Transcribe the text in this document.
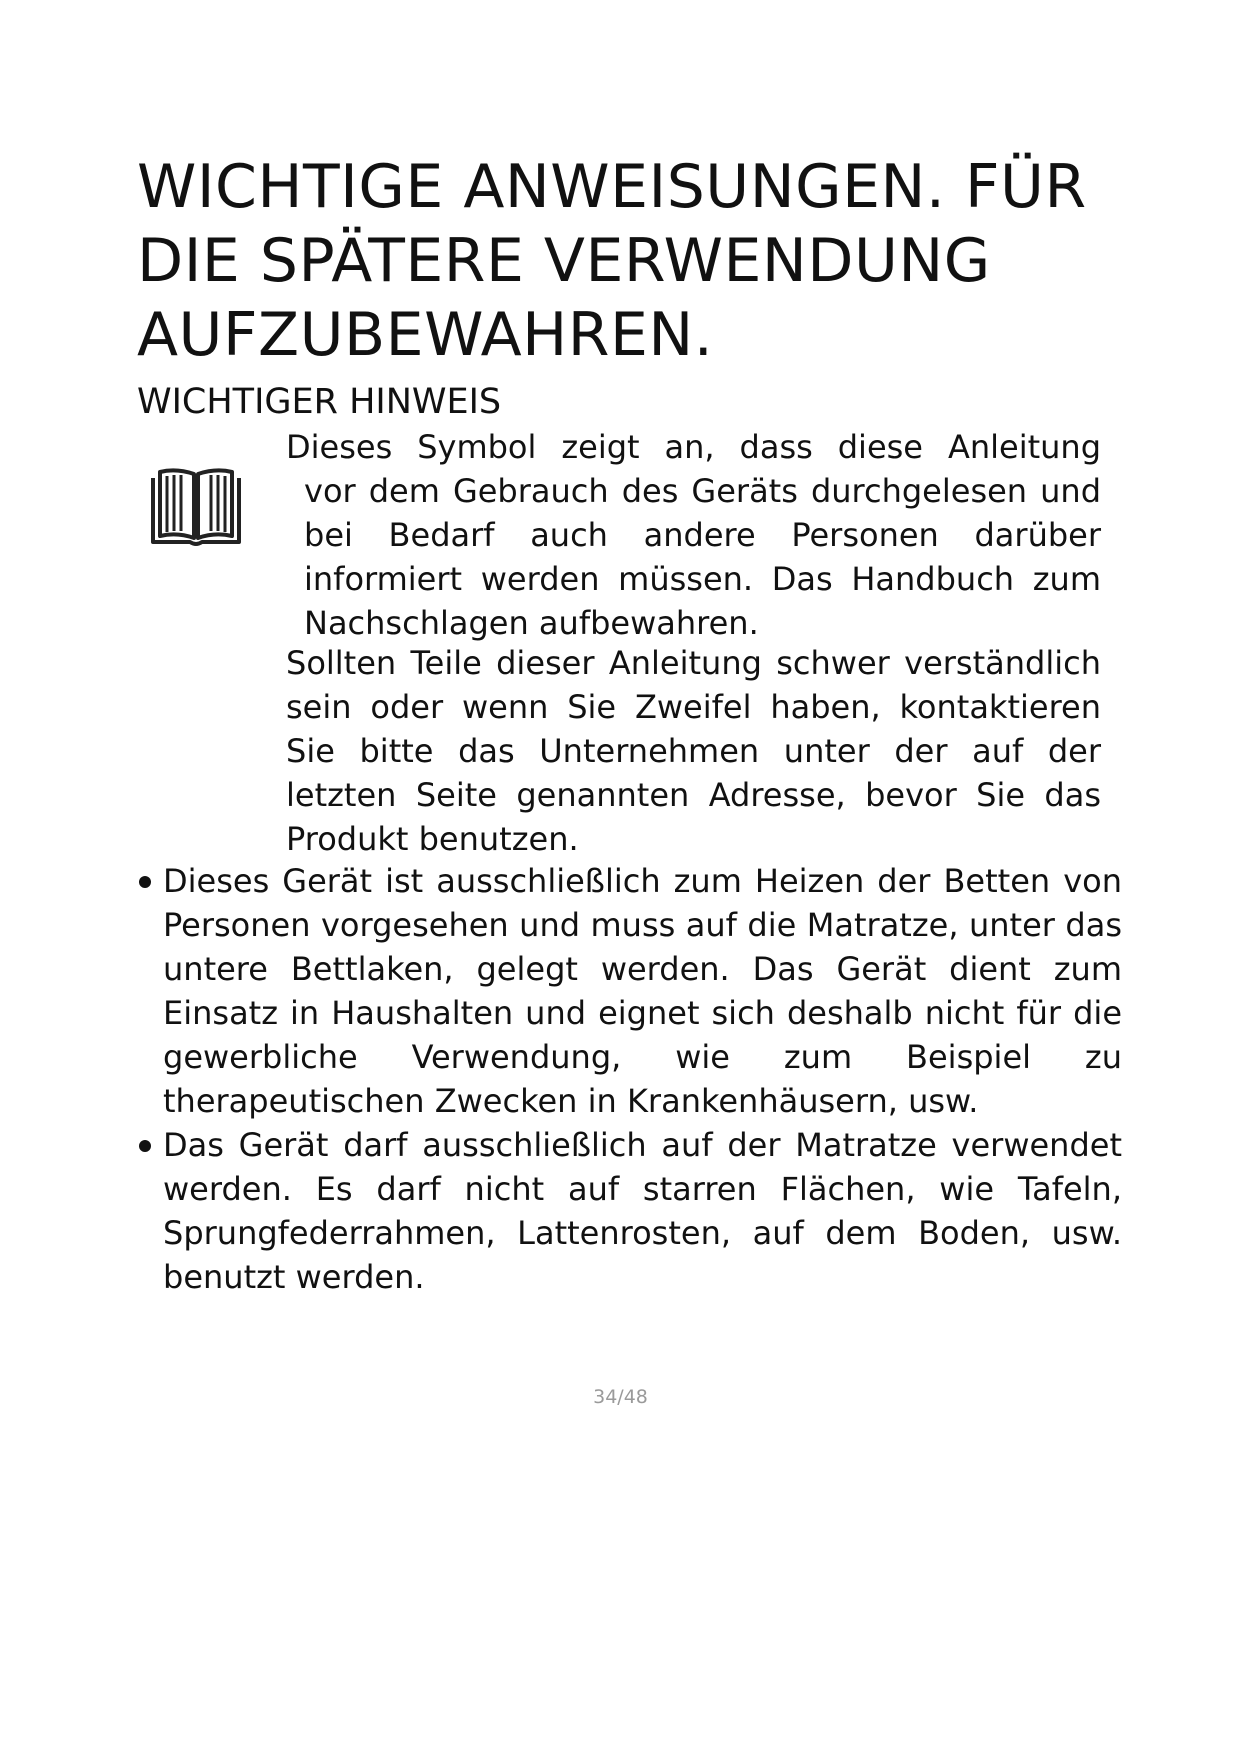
WICHTIGE ANWEISUNGEN. FÜR DIE SPÄTERE VERWENDUNG AUFZUBEWAHREN.
WICHTIGER HINWEIS

Dieses Symbol zeigt an, dass diese Anleitung
vor dem Gebrauch des Geräts durchgelesen und bei Bedarf auch andere Personen darüber informiert werden müssen. Das Handbuch zum Nachschlagen aufbewahren.

Sollten Teile dieser Anleitung schwer verständlich sein oder wenn Sie Zweifel haben, kontaktieren Sie bitte das Unternehmen unter der auf der letzten Seite genannten Adresse, bevor Sie das Produkt benutzen.

Dieses Gerät ist ausschließlich zum Heizen der Betten von Personen vorgesehen und muss auf die Matratze, unter das untere Bettlaken, gelegt werden. Das Gerät dient zum Einsatz in Haushalten und eignet sich deshalb nicht für die gewerbliche Verwendung, wie zum Beispiel zu therapeutischen Zwecken in Krankenhäusern, usw.
Das Gerät darf ausschließlich auf der Matratze verwendet werden. Es darf nicht auf starren Flächen, wie Tafeln, Sprungfederrahmen, Lattenrosten, auf dem Boden, usw. benutzt werden.
34/48
